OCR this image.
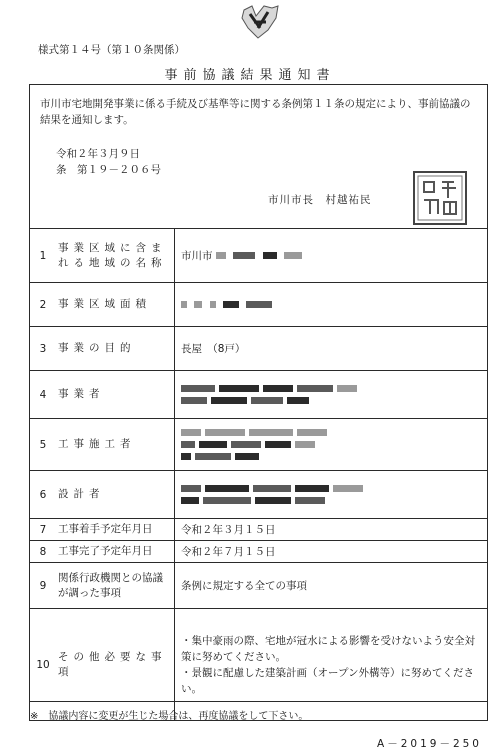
様式第１４号（第１０条関係）
事前協議結果通知書
市川市宅地開発事業に係る手続及び基準等に関する条例第１１条の規定により、事前協議の結果を通知します。
令和２年３月９日
条　第１９－２０６号
市川市長　村越祐民
1	事業区域に含まれる地域の名称	市川市
2	事業区域面積	
3	事業の目的	長屋　（8戸）
4	事業者	

5	工事施工者	

6	設計者	

7	工事着手予定年月日	令和２年３月１５日
8	工事完了予定年月日	令和２年７月１５日
9	関係行政機関との協議が調った事項	条例に規定する全ての事項
10	その他必要な事項	・集中豪雨の際、宅地が冠水による影響を受けないよう安全対策に努めてください。
・景観に配慮した建築計画（オープン外構等）に努めてください。
※　協議内容に変更が生じた場合は、再度協議をして下さい。
A－2019－250
